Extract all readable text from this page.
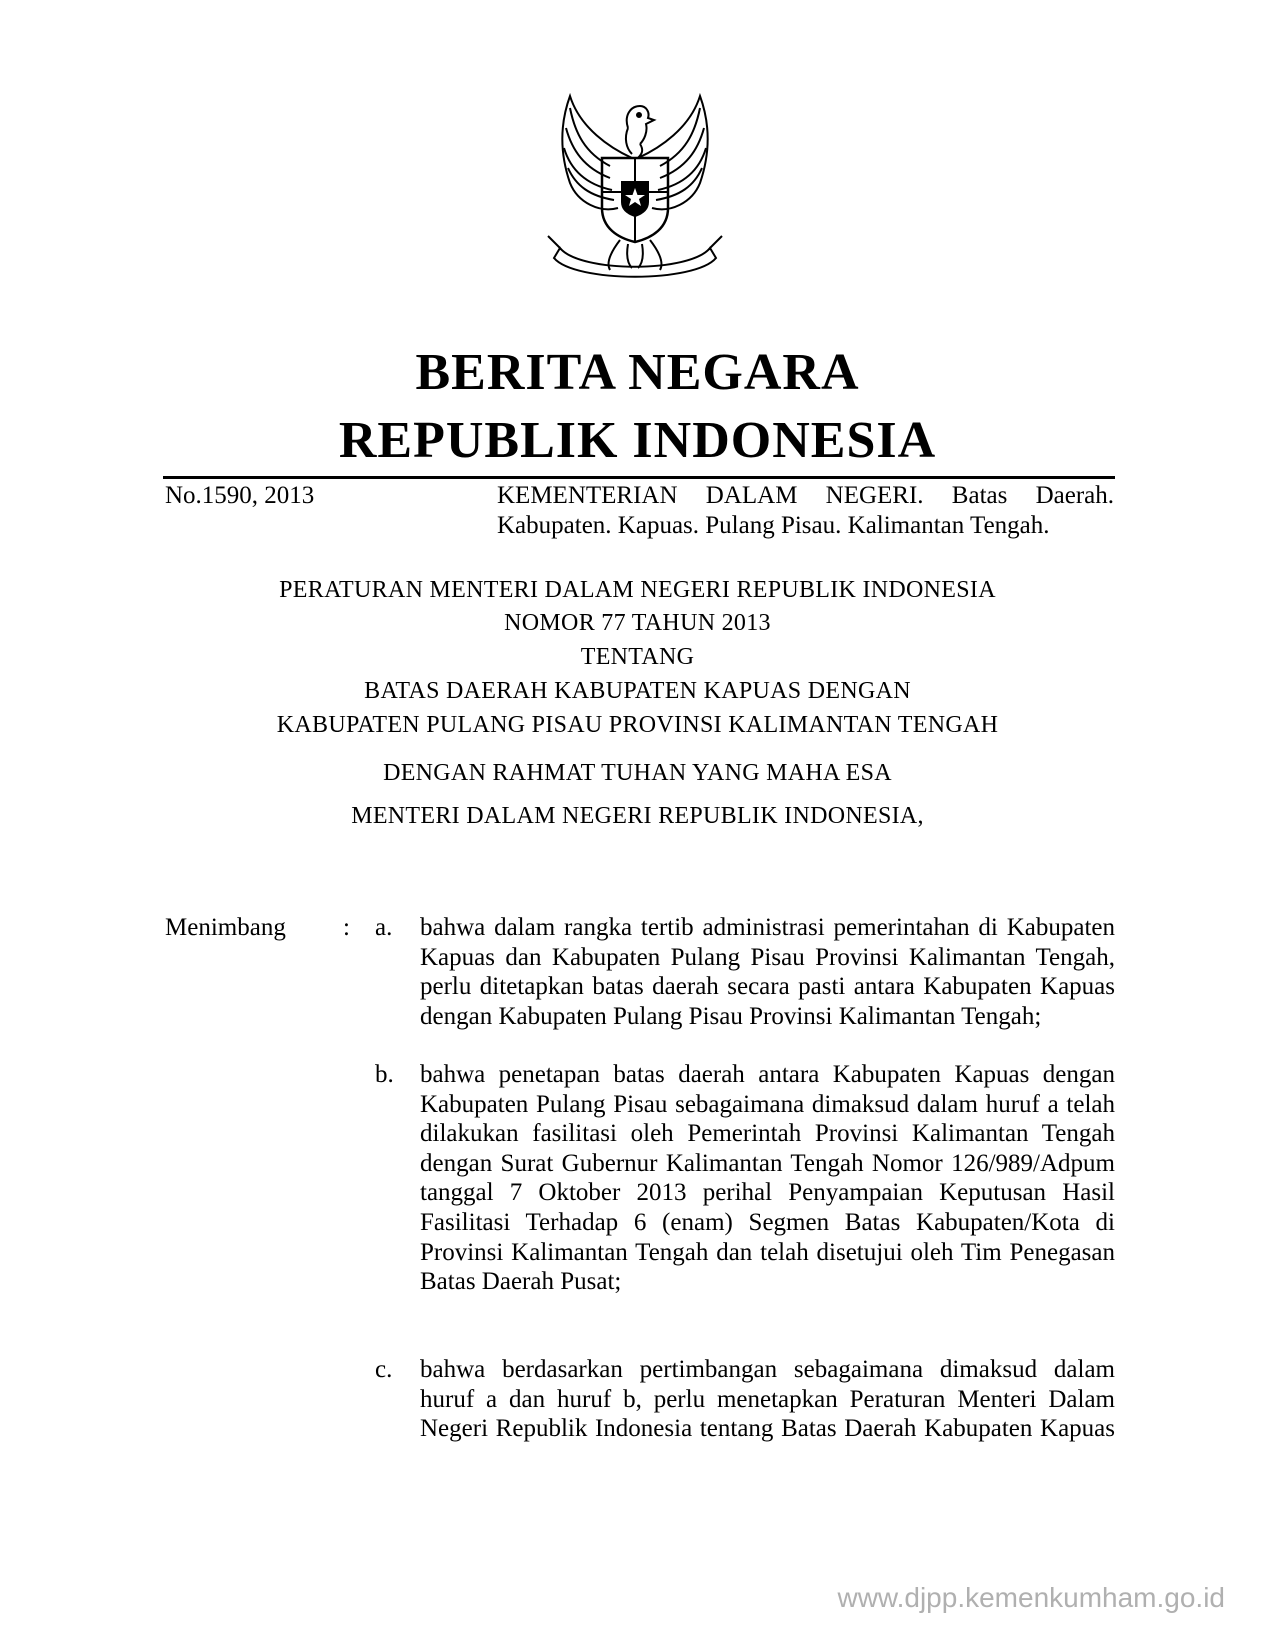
BERITA NEGARA
REPUBLIK INDONESIA
No.1590, 2013	KEMENTERIAN DALAM NEGERI. Batas Daerah. Kabupaten. Kapuas. Pulang Pisau. Kalimantan Tengah.
PERATURAN MENTERI DALAM NEGERI REPUBLIK INDONESIA
NOMOR 77 TAHUN 2013
TENTANG
BATAS DAERAH KABUPATEN KAPUAS DENGAN
KABUPATEN PULANG PISAU PROVINSI KALIMANTAN TENGAH
DENGAN RAHMAT TUHAN YANG MAHA ESA
MENTERI DALAM NEGERI REPUBLIK INDONESIA,
Menimbang : a. bahwa dalam rangka tertib administrasi pemerintahan di Kabupaten Kapuas dan Kabupaten Pulang Pisau Provinsi Kalimantan Tengah, perlu ditetapkan batas daerah secara pasti antara Kabupaten Kapuas dengan Kabupaten Pulang Pisau Provinsi Kalimantan Tengah;
b. bahwa penetapan batas daerah antara Kabupaten Kapuas dengan Kabupaten Pulang Pisau sebagaimana dimaksud dalam huruf a telah dilakukan fasilitasi oleh Pemerintah Provinsi Kalimantan Tengah dengan Surat Gubernur Kalimantan Tengah Nomor 126/989/Adpum tanggal 7 Oktober 2013 perihal Penyampaian Keputusan Hasil Fasilitasi Terhadap 6 (enam) Segmen Batas Kabupaten/Kota di Provinsi Kalimantan Tengah dan telah disetujui oleh Tim Penegasan Batas Daerah Pusat;
c. bahwa berdasarkan pertimbangan sebagaimana dimaksud dalam huruf a dan huruf b, perlu menetapkan Peraturan Menteri Dalam Negeri Republik Indonesia tentang Batas Daerah Kabupaten Kapuas
www.djpp.kemenkumham.go.id
